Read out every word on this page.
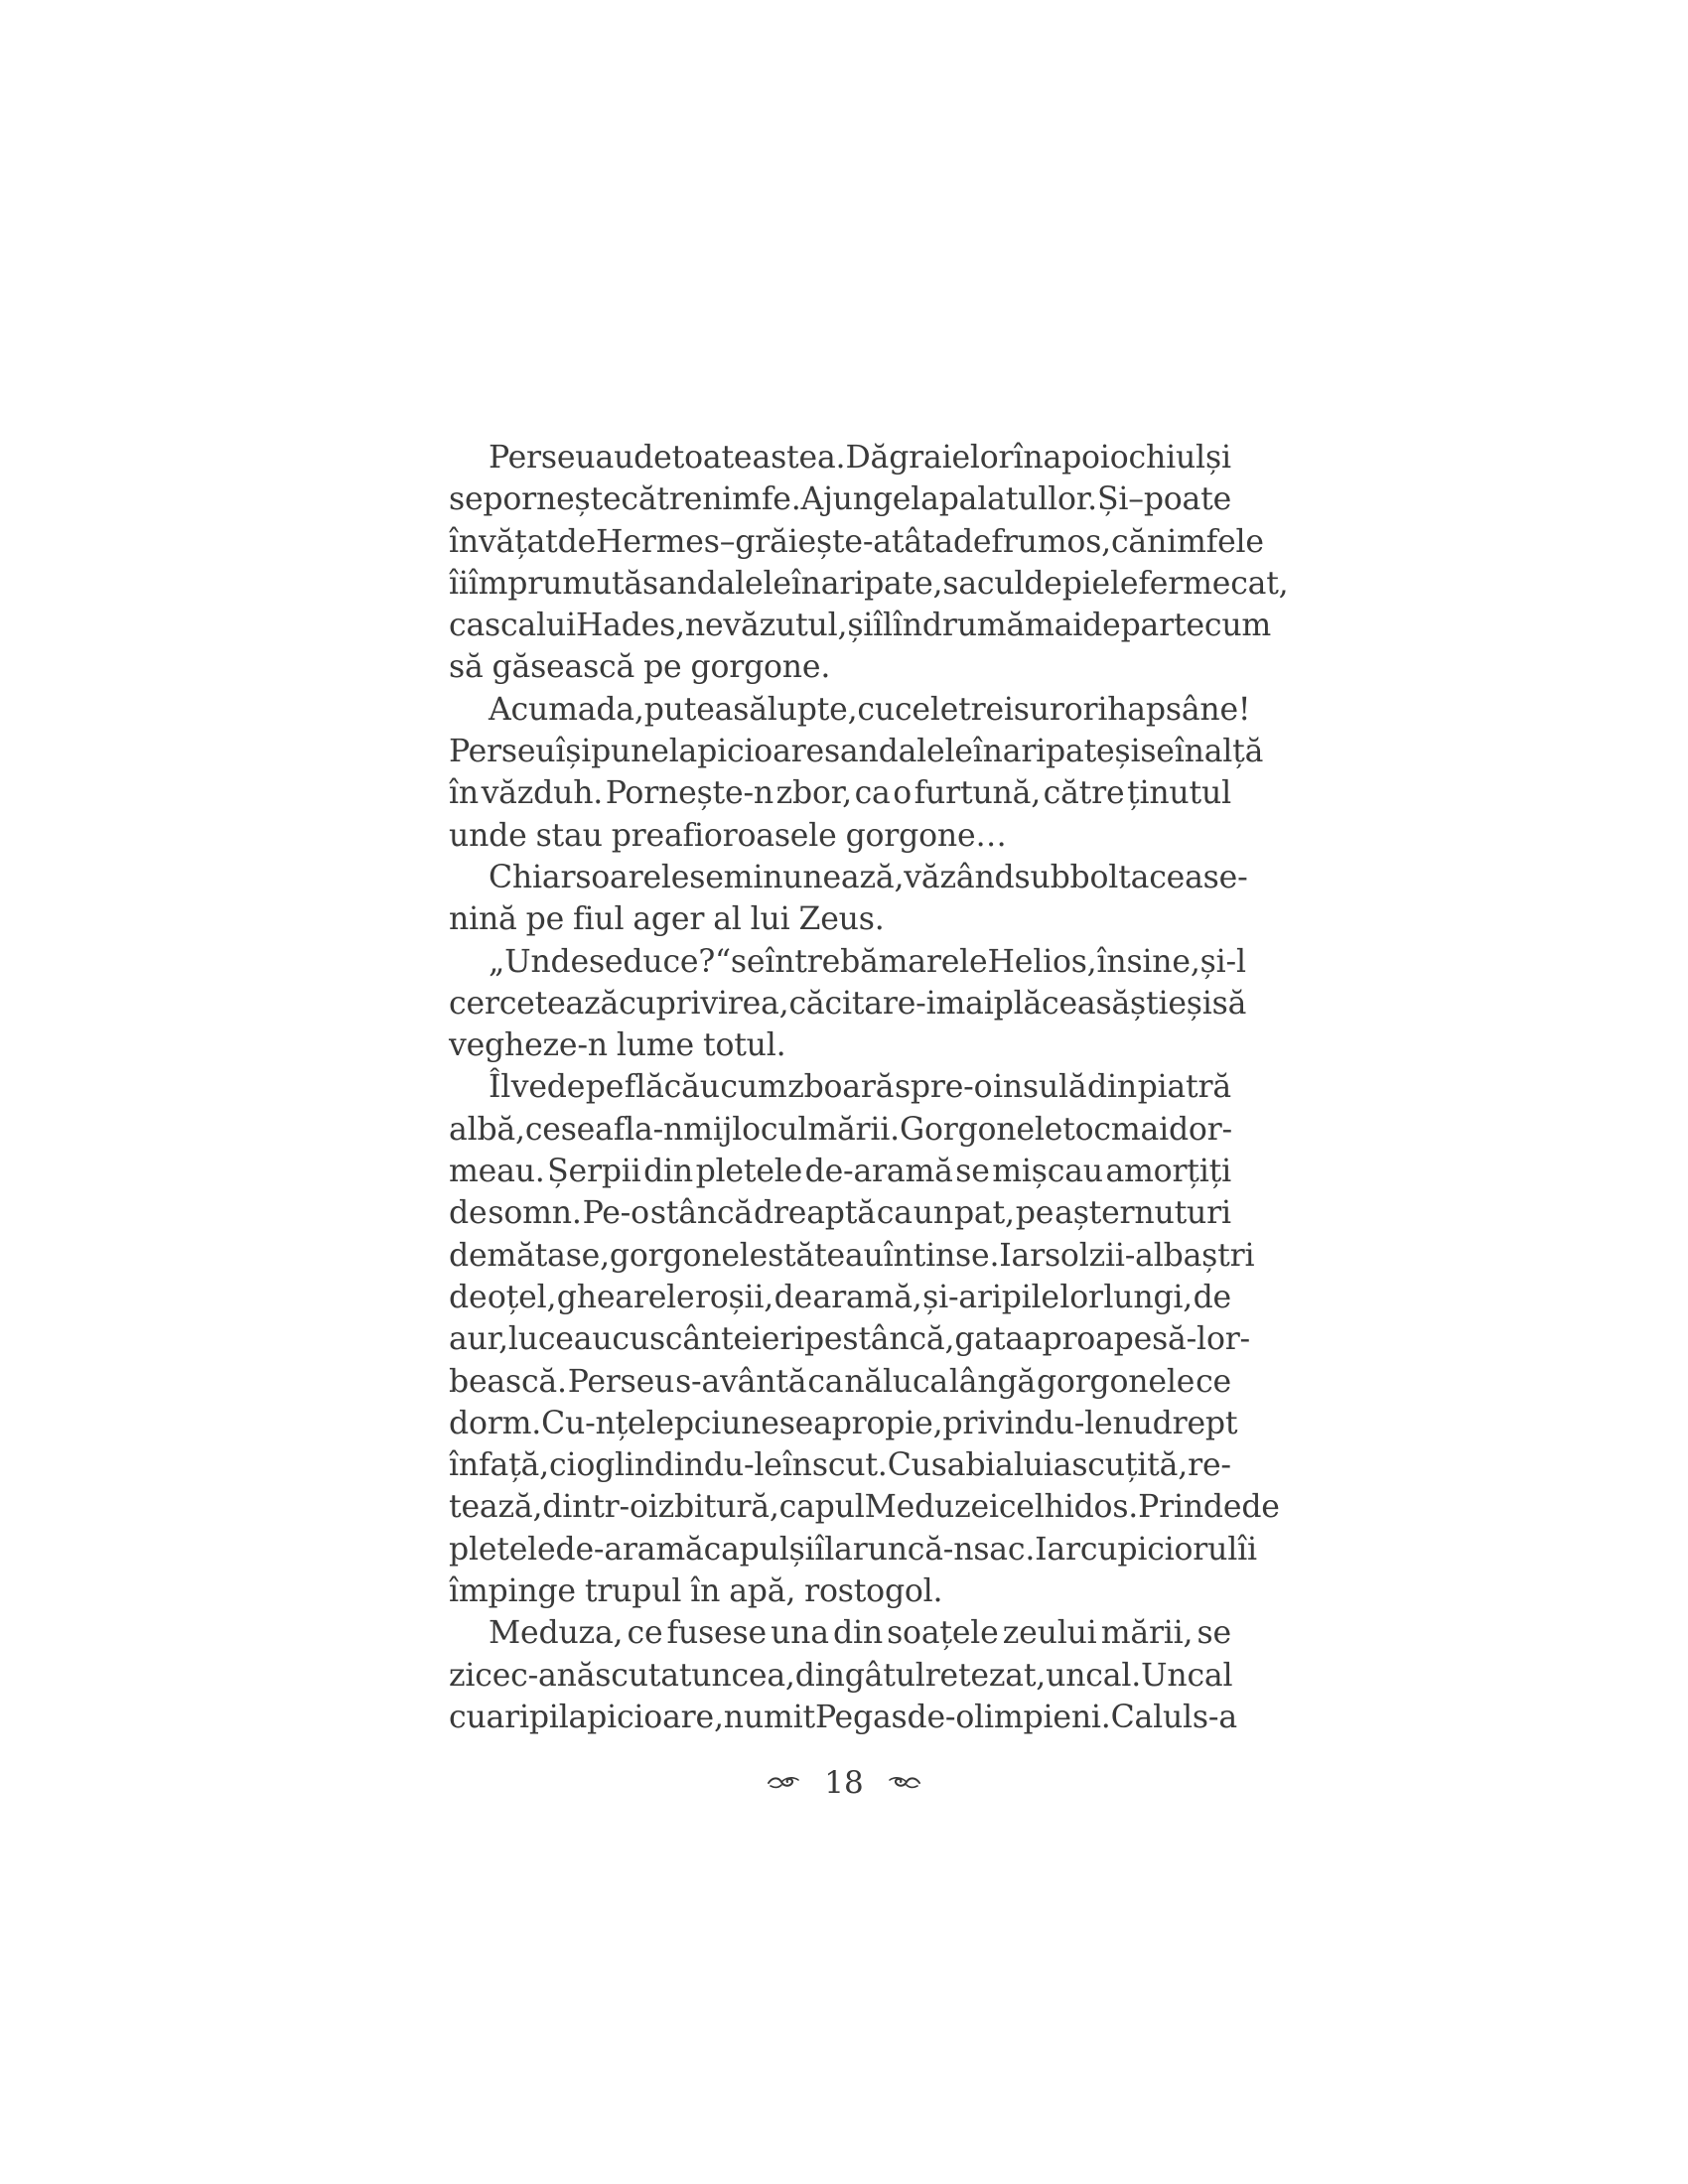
Perseu aude toate astea. Dă graielor înapoi ochiul și
se pornește către nimfe. Ajunge la palatul lor. Și – poate
învățat de Hermes – grăiește-atâta de frumos, că nimfele
îi împrumută sandalele înaripate, sacul de piele fermecat,
casca lui Hades, nevăzutul, și îl îndrumă mai departe cum
să găsească pe gorgone.
Acuma da, putea să lupte, cu cele trei surori hapsâne!
Perseu își pune la picioare sandalele înaripate și se înalță
în văzduh. Pornește-n zbor, ca o furtună, către ținutul
unde stau preafioroasele gorgone…
Chiar soarele se minunează, văzând sub bolta cea se-
nină pe fiul ager al lui Zeus.
„Unde se duce?“ se întrebă marele Helios, în sine, și-l
cercetează cu privirea, căci tare-i mai plăcea să știe și să
vegheze-n lume totul.
Îl vede pe flăcău cum zboară spre-o insulă din piatră
albă, ce se afla-n mijlocul mării. Gorgonele tocmai dor-
meau. Șerpii din pletele de-aramă se mișcau amorțiți
de somn. Pe-o stâncă dreaptă ca un pat, pe așternuturi
de mătase, gorgonele stăteau întinse. Iar solzii-albaștri
de oțel, ghearele roșii, de aramă, și-aripile lor lungi, de
aur, luceau cu scânteieri pe stâncă, gata aproape să-l or-
bească. Perseu s-avântă ca năluca lângă gorgonele ce
dorm. Cu-nțelepciune se apropie, privindu-le nu drept
în față, ci oglindindu-le în scut. Cu sabia lui ascuțită, re-
tează, dintr-o izbitură, capul Meduzei cel hidos. Prinde de
pletele de-aramă capul și îl aruncă-n sac. Iar cu piciorul îi
împinge trupul în apă, rostogol.
Meduza, ce fusese una din soațele zeului mării, se
zice c-a născut atuncea, din gâtul retezat, un cal. Un cal
cu aripi la picioare, numit Pegas de-olimpieni. Calul s-a
18
